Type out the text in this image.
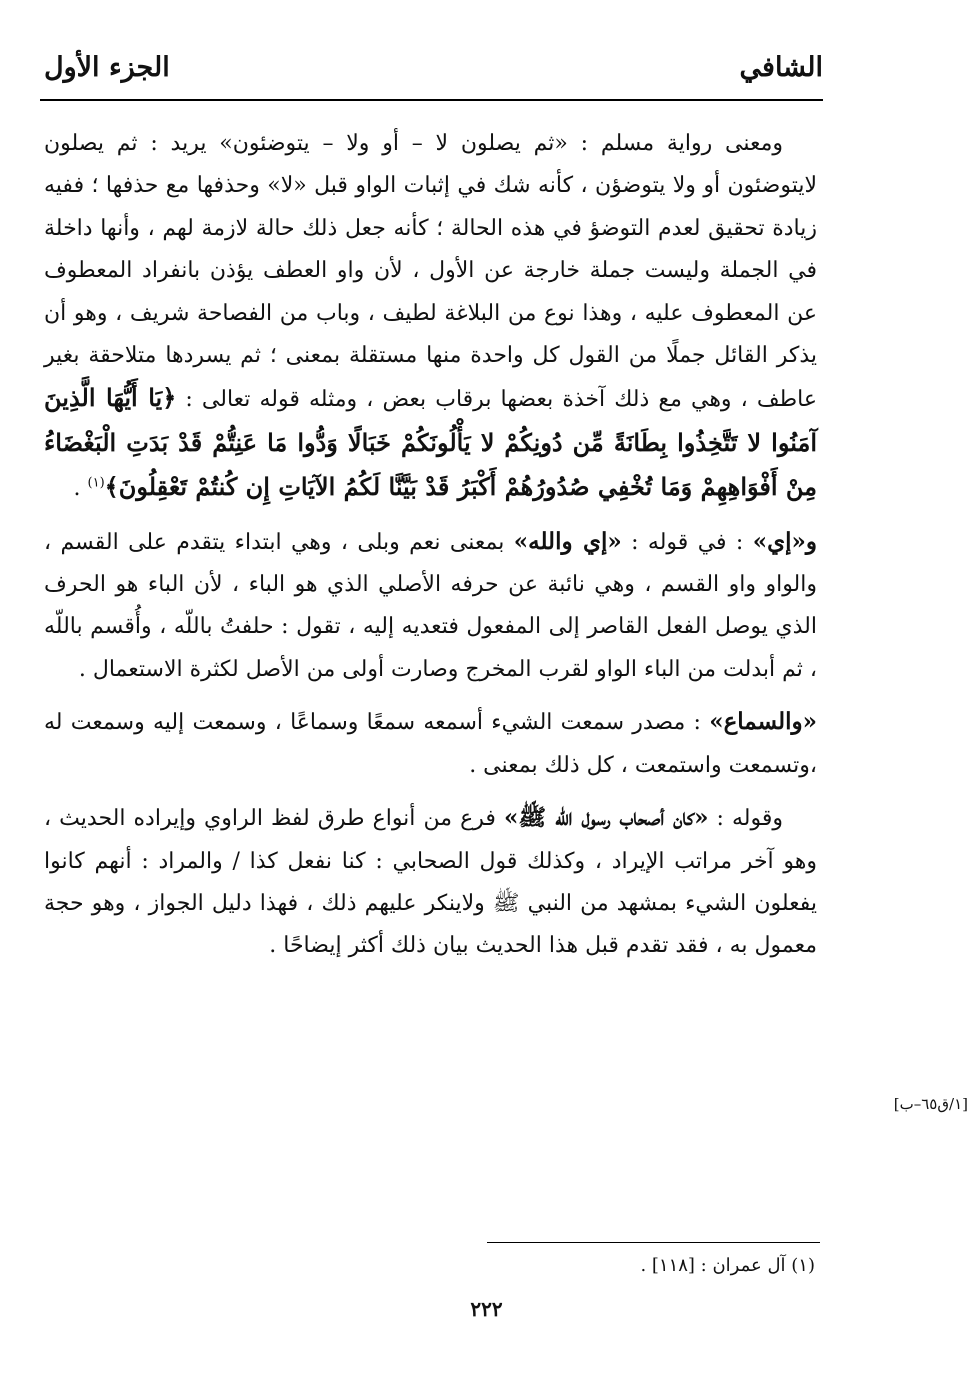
الشافي
الجزء الأول

ومعنى رواية مسلم : «ثم يصلون لا – أو ولا – يتوضئون» يريد : ثم يصلون لايتوضئون أو ولا يتوضؤن ، كأنه شك في إثبات الواو قبل «لا» وحذفها مع حذفها ؛ ففيه زيادة تحقيق لعدم التوضؤ في هذه الحالة ؛ كأنه جعل ذلك حالة لازمة لهم ، وأنها داخلة في الجملة وليست جملة خارجة عن الأول ، لأن واو العطف يؤذن بانفراد المعطوف عن المعطوف عليه ، وهذا نوع من البلاغة لطيف ، وباب من الفصاحة شريف ، وهو أن يذكر القائل جملًا من القول كل واحدة منها مستقلة بمعنى ؛ ثم يسردها متلاحقة بغير عاطف ، وهي مع ذلك آخذة بعضها برقاب بعض ، ومثله قوله تعالى : ﴿يَا أَيُّهَا الَّذِينَ آمَنُوا لا تَتَّخِذُوا بِطَانَةً مِّن دُونِكُمْ لا يَأْلُونَكُمْ خَبَالًا وَدُّوا مَا عَنِتُّمْ قَدْ بَدَتِ الْبَغْضَاءُ مِنْ أَفْوَاهِهِمْ وَمَا تُخْفِي صُدُورُهُمْ أَكْبَرُ قَدْ بَيَّنَّا لَكُمُ الآيَاتِ إِن كُنتُمْ تَعْقِلُونَ﴾$^{(١)}$ .

و«إي» : في قوله : «إي والله» بمعنى نعم وبلى ، وهي ابتداء يتقدم على القسم ، والواو واو القسم ، وهي نائبة عن حرفه الأصلي الذي هو الباء ، لأن الباء هو الحرف الذي يوصل الفعل القاصر إلى المفعول فتعديه إليه ، تقول : حلفتُ باللّه ، وأُقسم باللّه ، ثم أبدلت من الباء الواو لقرب المخرج وصارت أولى من الأصل لكثرة الاستعمال .

«والسماع» : مصدر سمعت الشيء أسمعه سمعًا وسماعًا ، وسمعت إليه وسمعت له ،وتسمعت واستمعت ، كل ذلك بمعنى .

وقوله : «كان أصحاب رسول الله ﷺ» فرع من أنواع طرق لفظ الراوي وإيراده الحديث ، وهو آخر مراتب الإيراد ، وكذلك قول الصحابي : كنا نفعل كذا / والمراد : أنهم كانوا يفعلون الشيء بمشهد من النبي ﷺ ولاينكر عليهم ذلك ، فهذا دليل الجواز ، وهو حجة معمول به ، فقد تقدم قبل هذا الحديث بيان ذلك أكثر إيضاحًا .

[١/ق٦٥–ب]
(١) آل عمران : [١١٨] .
٢٢٢
